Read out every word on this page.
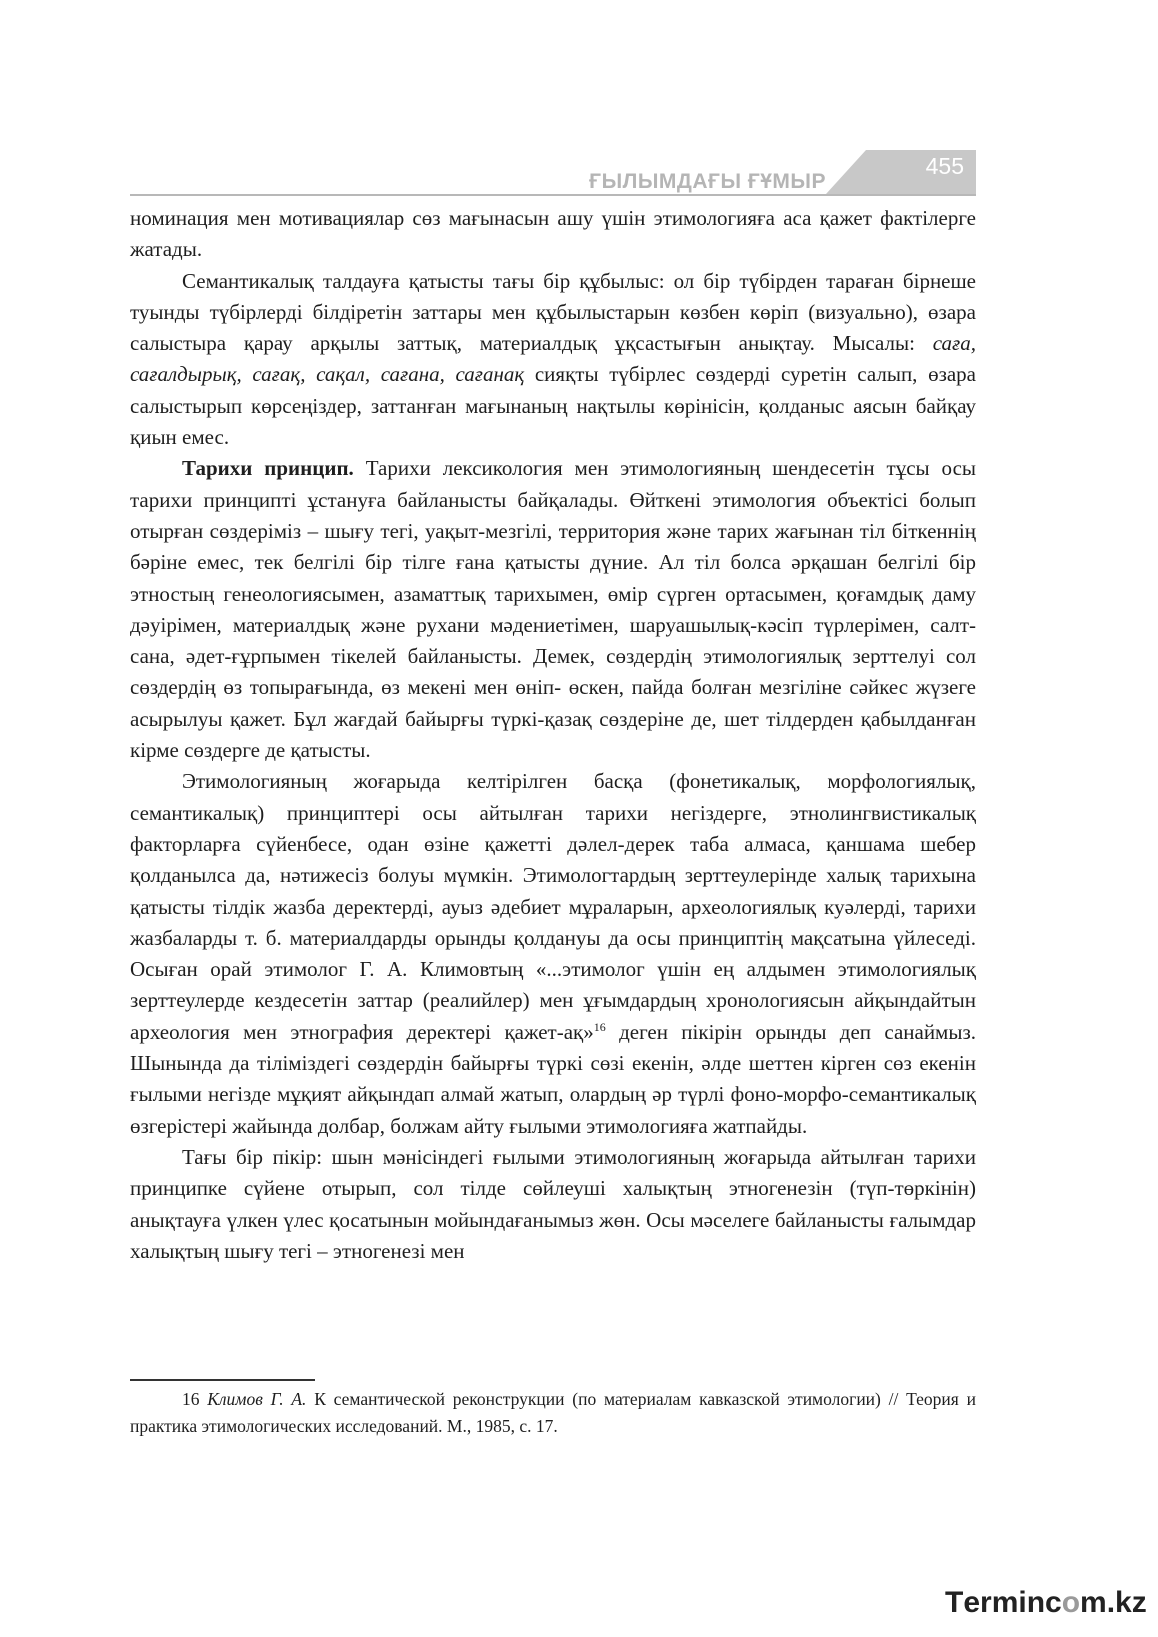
ҒЫЛЫМДАҒЫ ҒҰМЫР
455

номинация мен мотивациялар сөз мағынасын ашу үшін этимологияға аса қажет фактілерге жатады.

Семантикалық талдауға қатысты тағы бір құбылыс: ол бір түбірден тараған бірнеше туынды түбірлерді білдіретін заттары мен құбылыстарын көзбен көріп (визуально), өзара салыстыра қарау арқылы заттық, материалдық ұқсастығын анықтау. Мысалы: саға, сағалдырық, сағақ, сақал, сағана, сағанақ сияқты түбірлес сөздерді суретін салып, өзара салыстырып көрсеңіздер, заттанған мағынаның нақтылы көрінісін, қолданыс аясын байқау қиын емес.

Тарихи принцип. Тарихи лексикология мен этимологияның шендесетін тұсы осы тарихи принципті ұстануға байланысты байқалады. Өйткені этимология объектісі болып отырған сөздеріміз – шығу тегі, уақыт-мезгілі, территория және тарих жағынан тіл біткеннің бәріне емес, тек белгілі бір тілге ғана қатысты дүние. Ал тіл болса әрқашан белгілі бір этностың генеологиясымен, азаматтық тарихымен, өмір сүрген ортасымен, қоғамдық даму дәуірімен, материалдық және рухани мәдениетімен, шаруашылық-кәсіп түрлерімен, салт-сана, әдет-ғұрпымен тікелей байланысты. Демек, сөздердің этимологиялық зерттелуі сол сөздердің өз топырағында, өз мекені мен өніп- өскен, пайда болған мезгіліне сәйкес жүзеге асырылуы қажет. Бұл жағдай байырғы түркі-қазақ сөздеріне де, шет тілдерден қабылданған кірме сөздерге де қатысты.

Этимологияның жоғарыда келтірілген басқа (фонетикалық, морфологиялық, семантикалық) принциптері осы айтылған тарихи негіздерге, этнолингвистикалық факторларға сүйенбесе, одан өзіне қажетті дәлел-дерек таба алмаса, қаншама шебер қолданылса да, нәтижесіз болуы мүмкін. Этимологтардың зерттеулерінде халық тарихына қатысты тілдік жазба деректерді, ауыз әдебиет мұраларын, археологиялық куәлерді, тарихи жазбаларды т. б. материалдарды орынды қолдануы да осы принциптің мақсатына үйлеседі. Осыған орай этимолог Г. А. Климовтың «...этимолог үшін ең алдымен этимологиялық зерттеулерде кездесетін заттар (реалийлер) мен ұғымдардың хронологиясын айқындайтын археология мен этнография деректері қажет-ақ»$^{16}$ деген пікірін орынды деп санаймыз. Шынында да тіліміздегі сөздердін байырғы түркі сөзі екенін, әлде шеттен кірген сөз екенін ғылыми негізде мұқият айқындап алмай жатып, олардың әр түрлі фоно-морфо-семантикалық өзгерістері жайында долбар, болжам айту ғылыми этимологияға жатпайды.

Тағы бір пікір: шын мәнісіндегі ғылыми этимологияның жоғарыда айтылған тарихи принципке сүйене отырып, сол тілде сөйлеуші халықтың этногенезін (түп-төркінін) анықтауға үлкен үлес қосатынын мойындағанымыз жөн. Осы мәселеге байланысты ғалымдар халықтың шығу тегі – этногенезі мен

16 Климов Г. А. К семантической реконструкции (по материалам кавказской этимологии) // Теория и практика этимологических исследований. М., 1985, с. 17.
T erminc o m.kz
